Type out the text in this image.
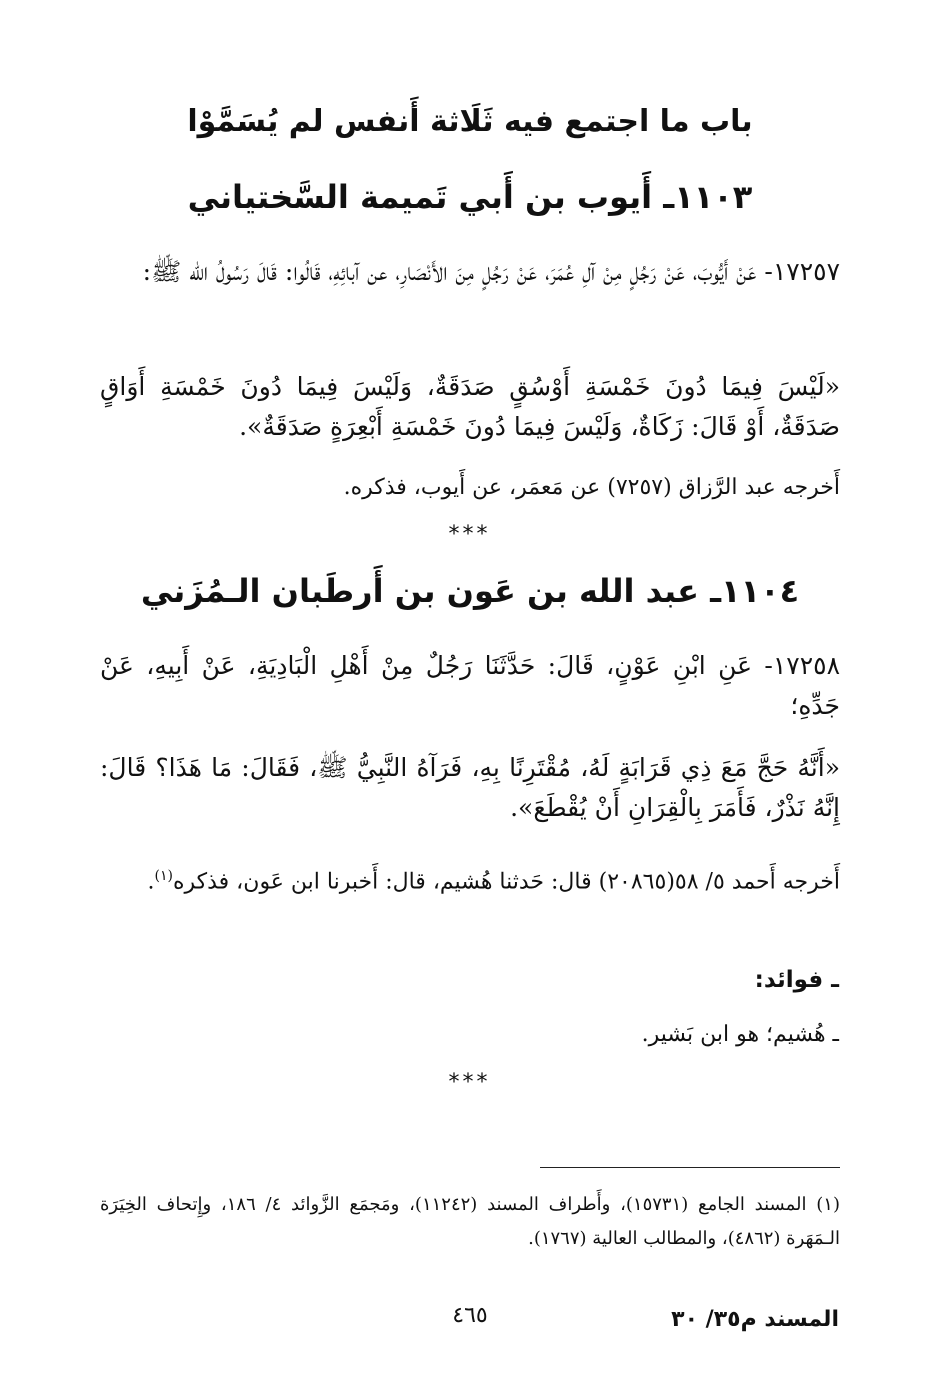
باب ما اجتمع فيه ثَلَاثة أَنفس لم يُسَمَّوْا
١١٠٣ـ أَيوب بن أَبي تَميمة السَّختياني
١٧٢٥٧- عَنْ أَيُّوبَ، عَنْ رَجُلٍ مِنْ آلِ عُمَرَ، عَنْ رَجُلٍ مِنَ الأَنْصَارِ، عن آبائِهِ، قَالُوا: قَالَ رَسُولُ الله ﷺ:
«لَيْسَ فِيمَا دُونَ خَمْسَةِ أَوْسُقٍ صَدَقَةٌ، وَلَيْسَ فِيمَا دُونَ خَمْسَةِ أَوَاقٍ صَدَقَةٌ، أَوْ قَالَ: زَكَاةٌ، وَلَيْسَ فِيمَا دُونَ خَمْسَةِ أَبْعِرَةٍ صَدَقَةٌ».
أَخرجه عبد الرَّزاق (٧٢٥٧) عن مَعمَر، عن أَيوب، فذكره.
***
١١٠٤ـ عبد الله بن عَون بن أَرطَبان الـمُزَني
١٧٢٥٨- عَنِ ابْنِ عَوْنٍ، قَالَ: حَدَّثَنَا رَجُلٌ مِنْ أَهْلِ الْبَادِيَةِ، عَنْ أَبِيهِ، عَنْ جَدِّهِ؛
«أَنَّهُ حَجَّ مَعَ ذِي قَرَابَةٍ لَهُ، مُقْتَرِنًا بِهِ، فَرَآهُ النَّبِيُّ ﷺ، فَقَالَ: مَا هَذَا؟ قَالَ: إِنَّهُ نَذْرٌ، فَأَمَرَ بِالْقِرَانِ أَنْ يُقْطَعَ».
أَخرجه أَحمد ٥/ ٥٨(٢٠٨٦٥) قال: حَدثنا هُشيم، قال: أَخبرنا ابن عَون، فذكره$^{(١)}$.
ـ فوائد:
ـ هُشيم؛ هو ابن بَشير.
***
(١) المسند الجامع (١٥٧٣١)، وأَطراف المسند (١١٢٤٢)، ومَجمَع الزَّوائد ٤/ ١٨٦، وإِتحاف الخِيَرَة الـمَهَرة (٤٨٦٢)، والمطالب العالية (١٧٦٧).
المسند م٣٥/ ٣٠
٤٦٥
